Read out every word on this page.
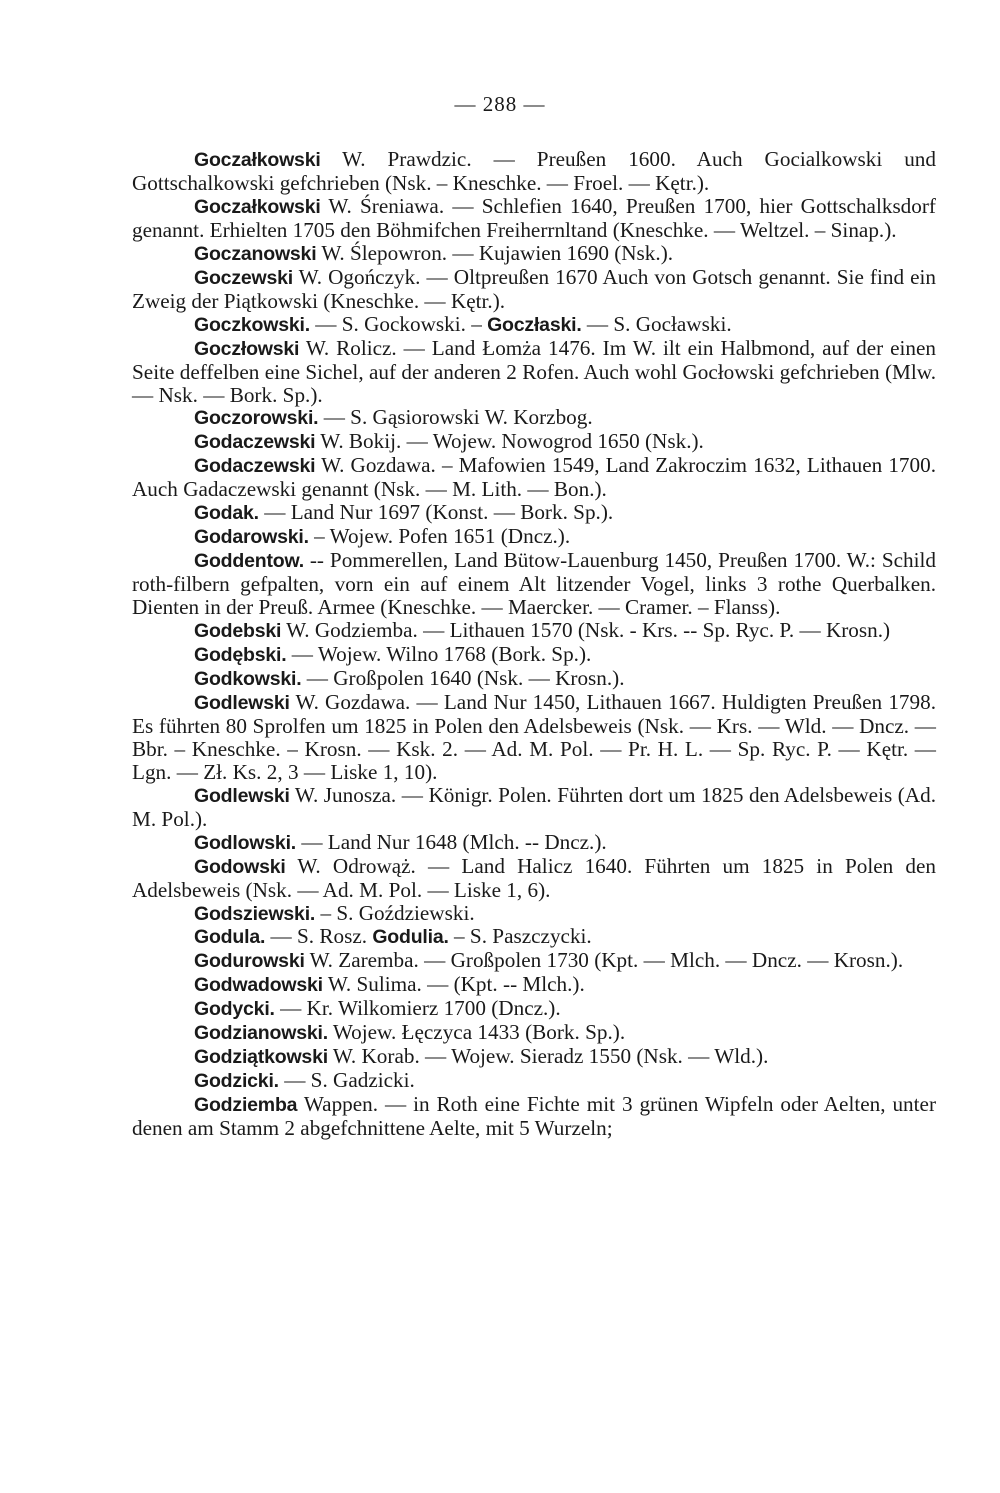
— 288 —

Goczałkowski W. Prawdzic. — Preußen 1600. Auch Gocialkowski und Gottschalkowski gefchrieben (Nsk. – Kneschke. — Froel. — Kętr.).

Goczałkowski W. Śreniawa. — Schlefien 1640, Preußen 1700, hier Gottschalksdorf genannt. Erhielten 1705 den Böhmifchen Freiherrnltand (Kneschke. — Weltzel. – Sinap.).

Goczanowski W. Ślepowron. — Kujawien 1690 (Nsk.).

Goczewski W. Ogończyk. — Oltpreußen 1670 Auch von Gotsch genannt. Sie find ein Zweig der Piątkowski (Kneschke. — Kętr.).

Goczkowski. — S. Gockowski. – Goczłaski. — S. Gocławski.

Goczłowski W. Rolicz. — Land Łomża 1476. Im W. ilt ein Halbmond, auf der einen Seite deffelben eine Sichel, auf der anderen 2 Rofen. Auch wohl Gocłowski gefchrieben (Mlw. — Nsk. — Bork. Sp.).

Goczorowski. — S. Gąsiorowski W. Korzbog.

Godaczewski W. Bokij. — Wojew. Nowogrod 1650 (Nsk.).

Godaczewski W. Gozdawa. – Mafowien 1549, Land Zakroczim 1632, Lithauen 1700. Auch Gadaczewski genannt (Nsk. — M. Lith. — Bon.).

Godak. — Land Nur 1697 (Konst. — Bork. Sp.).

Godarowski. – Wojew. Pofen 1651 (Dncz.).

Goddentow. -- Pommerellen, Land Bütow-Lauenburg 1450, Preußen 1700. W.: Schild roth-filbern gefpalten, vorn ein auf einem Alt litzender Vogel, links 3 rothe Querbalken. Dienten in der Preuß. Armee (Kneschke. — Maercker. — Cramer. – Flanss).

Godebski W. Godziemba. — Lithauen 1570 (Nsk. - Krs. -- Sp. Ryc. P. — Krosn.)

Godębski. — Wojew. Wilno 1768 (Bork. Sp.).

Godkowski. — Großpolen 1640 (Nsk. — Krosn.).

Godlewski W. Gozdawa. — Land Nur 1450, Lithauen 1667. Huldigten Preußen 1798. Es führten 80 Sprolfen um 1825 in Polen den Adelsbeweis (Nsk. — Krs. — Wld. — Dncz. — Bbr. – Kneschke. – Krosn. — Ksk. 2. — Ad. M. Pol. — Pr. H. L. — Sp. Ryc. P. — Kętr. — Lgn. — Zł. Ks. 2, 3 — Liske 1, 10).

Godlewski W. Junosza. — Königr. Polen. Führten dort um 1825 den Adelsbeweis (Ad. M. Pol.).

Godlowski. — Land Nur 1648 (Mlch. -- Dncz.).

Godowski W. Odrowąż. — Land Halicz 1640. Führten um 1825 in Polen den Adelsbeweis (Nsk. — Ad. M. Pol. — Liske 1, 6).

Godsziewski. – S. Goździewski.

Godula. — S. Rosz. Godulia. – S. Paszczycki.

Godurowski W. Zaremba. — Großpolen 1730 (Kpt. — Mlch. — Dncz. — Krosn.).

Godwadowski W. Sulima. — (Kpt. -- Mlch.).

Godycki. — Kr. Wilkomierz 1700 (Dncz.).

Godzianowski. Wojew. Łęczyca 1433 (Bork. Sp.).

Godziątkowski W. Korab. — Wojew. Sieradz 1550 (Nsk. — Wld.).

Godzicki. — S. Gadzicki.

Godziemba Wappen. — in Roth eine Fichte mit 3 grünen Wipfeln oder Aelten, unter denen am Stamm 2 abgefchnittene Aelte, mit 5 Wurzeln;
